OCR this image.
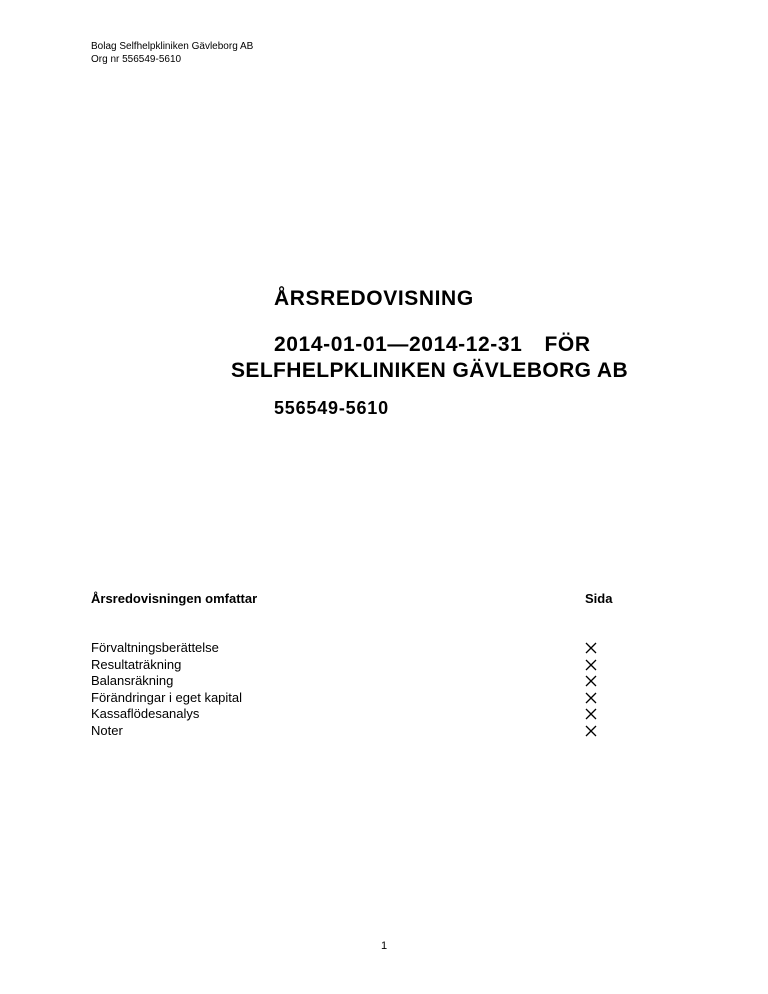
Bolag Selfhelpkliniken Gävleborg AB
Org nr 556549-5610
ÅRSREDOVISNING
2014-01-01—2014-12-31 FÖR
SELFHELPKLINIKEN GÄVLEBORG AB
556549-5610
Årsredovisningen omfattar	Sida
Förvaltningsberättelse
Resultaträkning
Balansräkning
Förändringar i eget kapital
Kassaflödesanalys
Noter
1
